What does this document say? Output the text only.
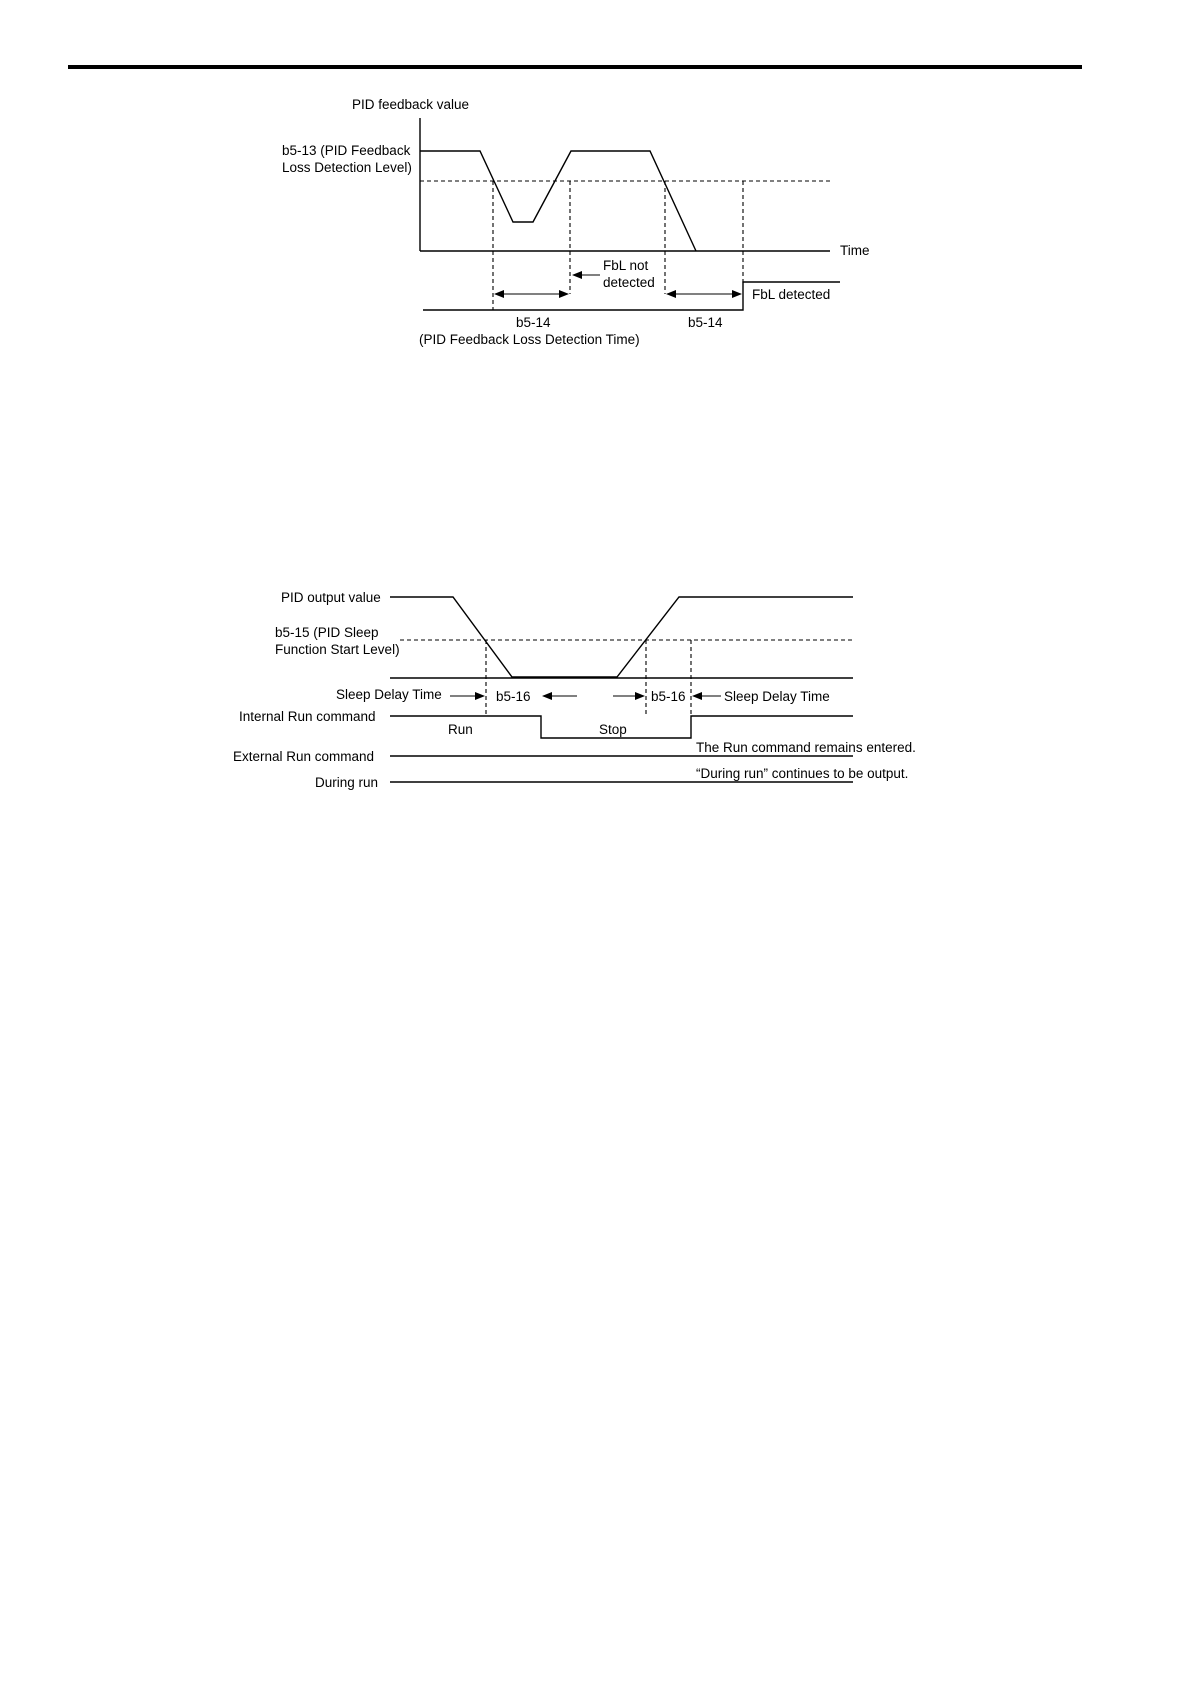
PID feedback value
b5-13 (PID Feedback
Loss Detection Level)
Time
FbL not
detected
FbL detected
b5-14
(PID Feedback Loss Detection Time)
b5-14
PID output value
b5-15 (PID Sleep
Function Start Level)
Sleep Delay Time	b5-16	b5-16	Sleep Delay Time
Internal Run command
Run	Stop
External Run command
The Run command remains entered.
During run
“During run” continues to be output.
